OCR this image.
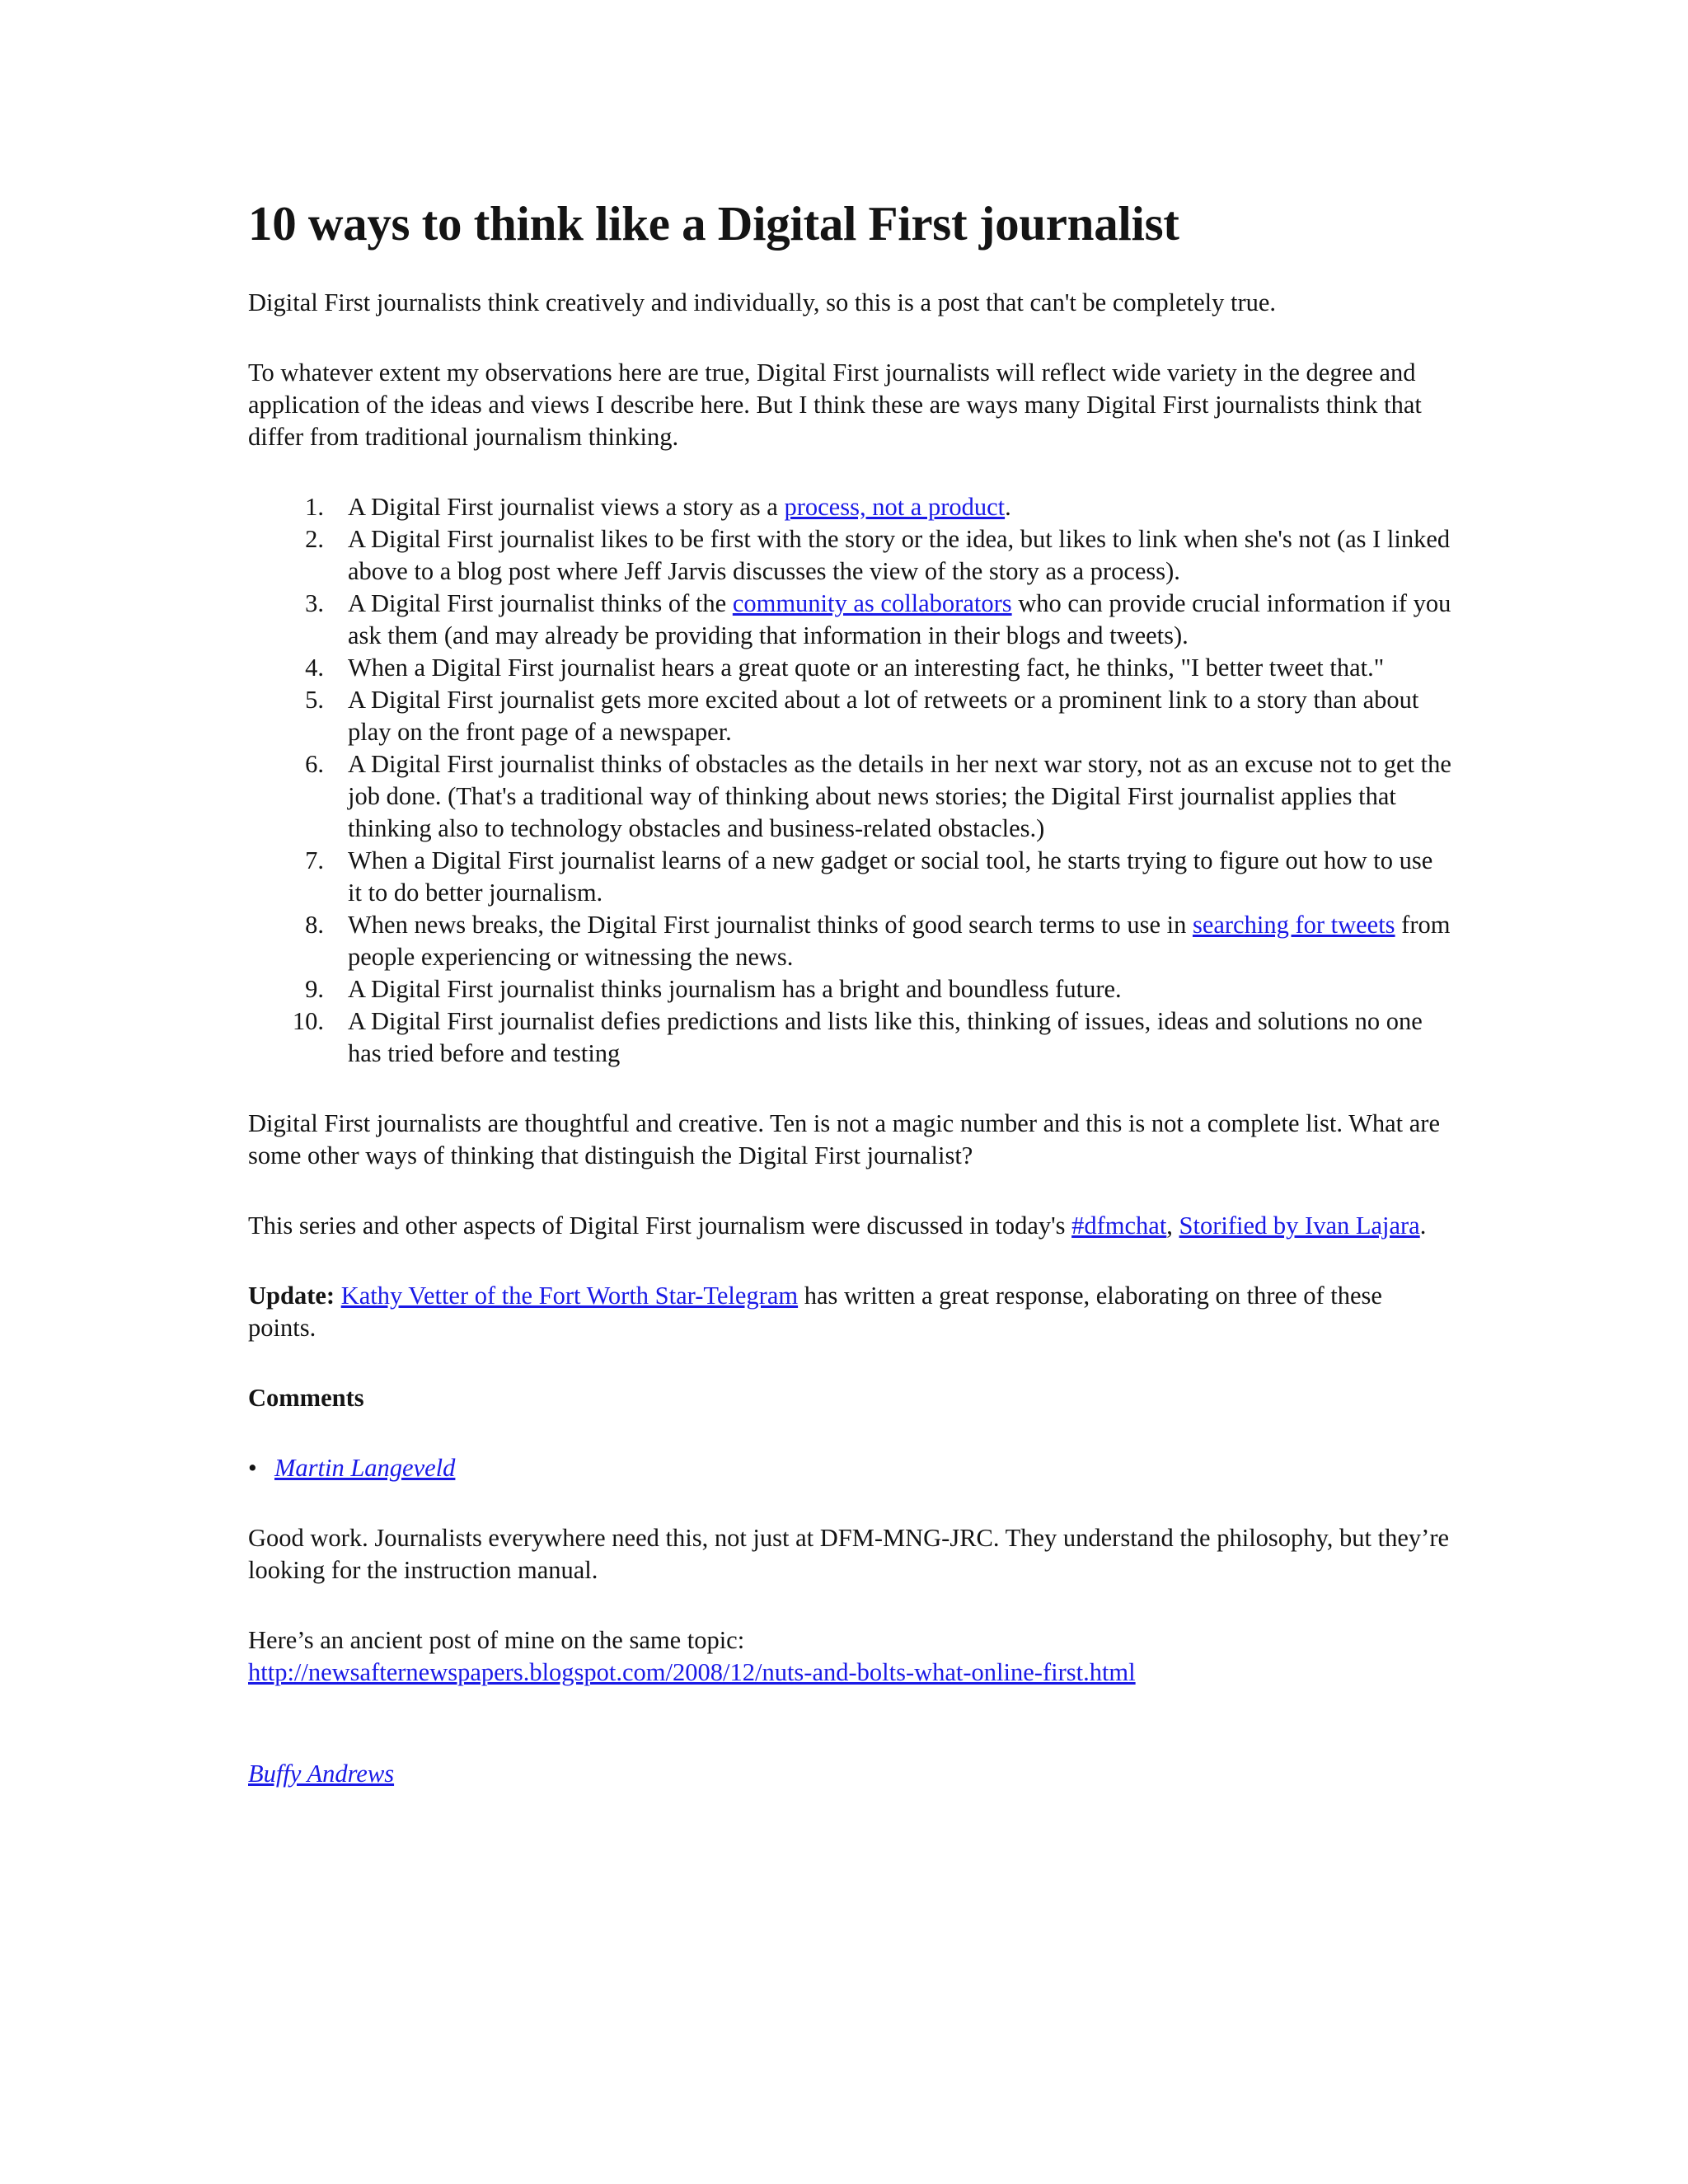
10 ways to think like a Digital First journalist

Digital First journalists think creatively and individually, so this is a post that can't be completely true.

To whatever extent my observations here are true, Digital First journalists will reflect wide variety in the degree and application of the ideas and views I describe here. But I think these are ways many Digital First journalists think that differ from traditional journalism thinking.

1. A Digital First journalist views a story as a process, not a product.
2. A Digital First journalist likes to be first with the story or the idea, but likes to link when she's not (as I linked above to a blog post where Jeff Jarvis discusses the view of the story as a process).
3. A Digital First journalist thinks of the community as collaborators who can provide crucial information if you ask them (and may already be providing that information in their blogs and tweets).
4. When a Digital First journalist hears a great quote or an interesting fact, he thinks, "I better tweet that."
5. A Digital First journalist gets more excited about a lot of retweets or a prominent link to a story than about play on the front page of a newspaper.
6. A Digital First journalist thinks of obstacles as the details in her next war story, not as an excuse not to get the job done. (That's a traditional way of thinking about news stories; the Digital First journalist applies that thinking also to technology obstacles and business-related obstacles.)
7. When a Digital First journalist learns of a new gadget or social tool, he starts trying to figure out how to use it to do better journalism.
8. When news breaks, the Digital First journalist thinks of good search terms to use in searching for tweets from people experiencing or witnessing the news.
9. A Digital First journalist thinks journalism has a bright and boundless future.
10. A Digital First journalist defies predictions and lists like this, thinking of issues, ideas and solutions no one has tried before and testing

Digital First journalists are thoughtful and creative. Ten is not a magic number and this is not a complete list. What are some other ways of thinking that distinguish the Digital First journalist?

This series and other aspects of Digital First journalism were discussed in today's #dfmchat, Storified by Ivan Lajara.

Update: Kathy Vetter of the Fort Worth Star-Telegram has written a great response, elaborating on three of these points.

Comments
• Martin Langeveld

Good work. Journalists everywhere need this, not just at DFM-MNG-JRC. They understand the philosophy, but they’re looking for the instruction manual.

Here’s an ancient post of mine on the same topic:
http://newsafternewspapers.blogspot.com/2008/12/nuts-and-bolts-what-online-first.html

Buffy Andrews
